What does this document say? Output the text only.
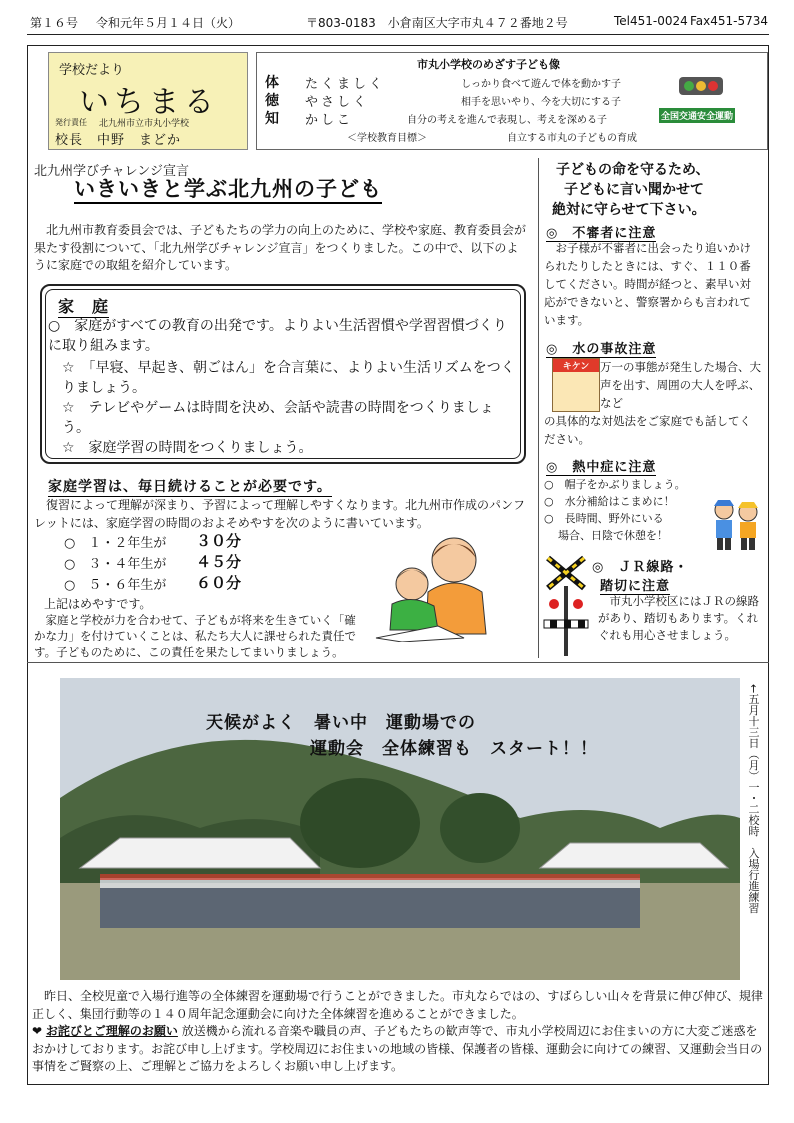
第１６号 令和元年５月１４日（火）	〒803-0183　小倉南区大字市丸４７２番地２号	Tel451-0024 Fax451-5734
学校だより
いちまる
発行責任 北九州市立市丸小学校
校長　中野　まどか
市丸小学校のめざす子ども像
体 たくましく	しっかり食べて遊んで体を動かす子
徳 やさしく	相手を思いやり、今を大切にする子
知 かしこ	自分の考えを進んで表現し、考えを深める子
＜学校教育目標＞	自立する市丸の子どもの育成
全国交通安全運動
北九州学びチャレンジ宣言
いきいきと学ぶ北九州の子ども
北九州市教育委員会では、子どもたちの学力の向上のために、学校や家庭、教育委員会が果たす役割について、「北九州学びチャレンジ宣言」をつくりました。この中で、以下のように家庭での取組を紹介しています。
家　庭
○　家庭がすべての教育の出発です。よりよい生活習慣や学習習慣づくりに取り組みます。
☆　「早寝、早起き、朝ごはん」を合言葉に、よりよい生活リズムをつくりましょう。
☆　テレビやゲームは時間を決め、会話や読書の時間をつくりましょう。
☆　家庭学習の時間をつくりましょう。
家庭学習は、毎日続けることが必要です。
復習によって理解が深まり、予習によって理解しやすくなります。北九州市作成のパンフレットには、家庭学習の時間のおよそめやすを次のように書いています。
○　１・２年生が ３０分
○　３・４年生が ４５分
○　５・６年生が ６０分
上記はめやすです。
家庭と学校が力を合わせて、子どもが将来を生きていく「確かな力」を付けていくことは、私たち大人に課せられた責任です。子どものために、この責任を果たしてまいりましょう。
子どもの命を守るため、
子どもに言い聞かせて
絶対に守らせて下さい。
◎　不審者に注意
お子様が不審者に出会ったり追いかけられたりしたときには、すぐ、１１０番してください。時間が経つと、素早い対応ができないと、警察署からも言われています。
◎　水の事故注意
キケン 万一の事態が発生した場合、大声を出す、周囲の大人を呼ぶ、など
の具体的な対処法をご家庭でも話してください。
◎　熱中症に注意
○　帽子をかぶりましょう。
○　水分補給はこまめに！
○　長時間、野外にいる
場合、日陰で休憩を！
◎　ＪＲ線路・
踏切に注意
市丸小学校区にはＪＲの線路があり、踏切もあります。くれぐれも用心させましょう。
天候がよく　暑い中　運動場での
運動会　全体練習も　スタート！！	←五月十三日（月）一・二校時　入場行進練習
昨日、全校児童で入場行進等の全体練習を運動場で行うことができました。市丸ならではの、すばらしい山々を背景に伸び伸び、規律正しく、集団行動等の１４０周年記念運動会に向けた全体練習を進めることができました。
❤ お詫びとご理解のお願い 放送機から流れる音楽や職員の声、子どもたちの歓声等で、市丸小学校周辺にお住まいの方に大変ご迷惑をおかけしております。お詫び申し上げます。学校周辺にお住まいの地域の皆様、保護者の皆様、運動会に向けての練習、又運動会当日の事情をご賢察の上、ご理解とご協力をよろしくお願い申し上げます。
